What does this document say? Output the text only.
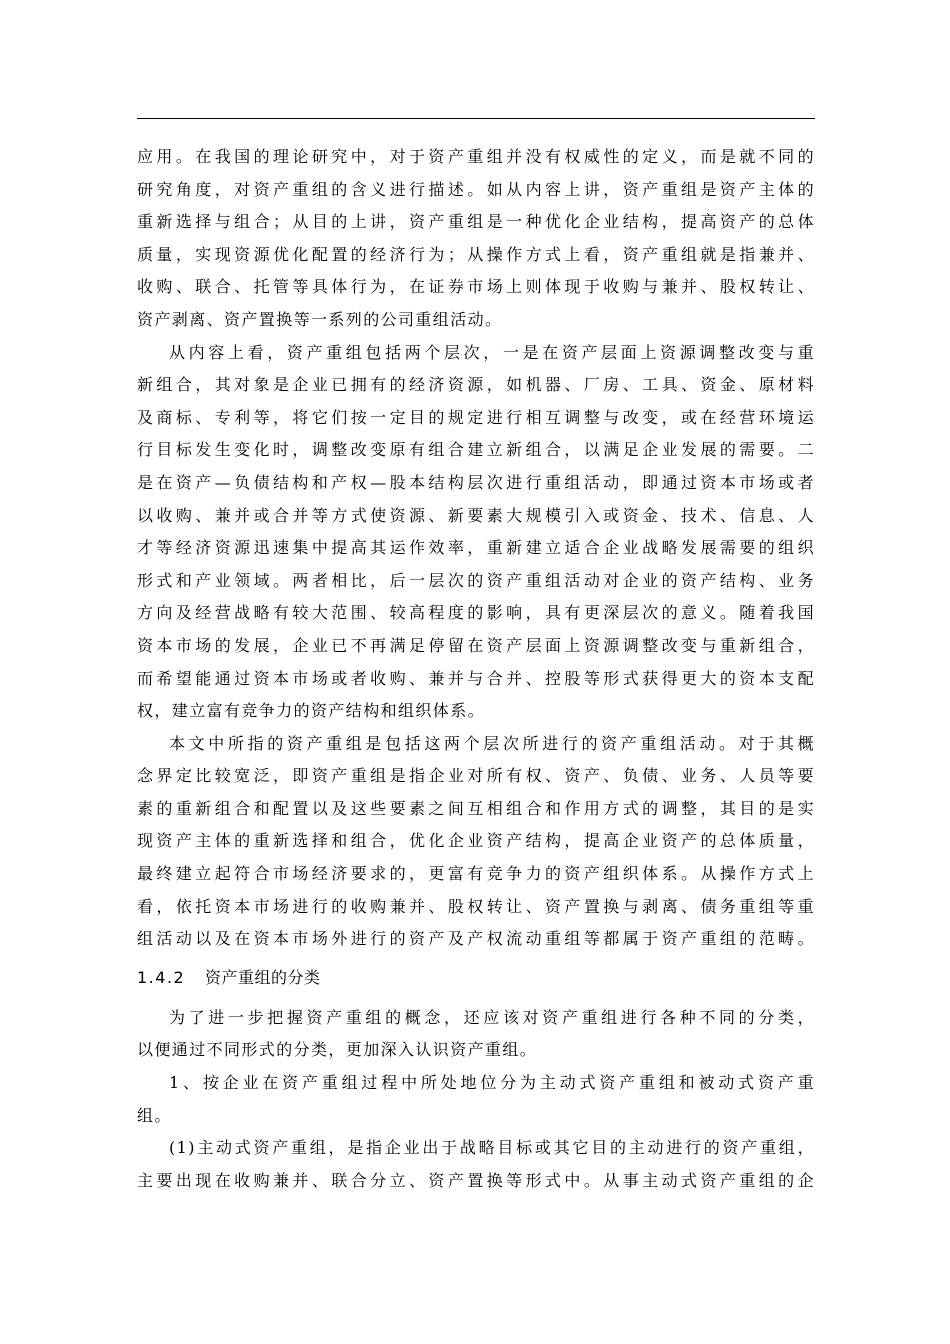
应用。在我国的理论研究中，对于资产重组并没有权威性的定义，而是就不同的
研究角度，对资产重组的含义进行描述。如从内容上讲，资产重组是资产主体的
重新选择与组合；从目的上讲，资产重组是一种优化企业结构，提高资产的总体
质量，实现资源优化配置的经济行为；从操作方式上看，资产重组就是指兼并、
收购、联合、托管等具体行为，在证券市场上则体现于收购与兼并、股权转让、
资产剥离、资产置换等一系列的公司重组活动。

从内容上看，资产重组包括两个层次，一是在资产层面上资源调整改变与重
新组合，其对象是企业已拥有的经济资源，如机器、厂房、工具、资金、原材料
及商标、专利等，将它们按一定目的规定进行相互调整与改变，或在经营环境运
行目标发生变化时，调整改变原有组合建立新组合，以满足企业发展的需要。二
是在资产—负债结构和产权—股本结构层次进行重组活动，即通过资本市场或者
以收购、兼并或合并等方式使资源、新要素大规模引入或资金、技术、信息、人
才等经济资源迅速集中提高其运作效率，重新建立适合企业战略发展需要的组织
形式和产业领域。两者相比，后一层次的资产重组活动对企业的资产结构、业务
方向及经营战略有较大范围、较高程度的影响，具有更深层次的意义。随着我国
资本市场的发展，企业已不再满足停留在资产层面上资源调整改变与重新组合，
而希望能通过资本市场或者收购、兼并与合并、控股等形式获得更大的资本支配
权，建立富有竞争力的资产结构和组织体系。

本文中所指的资产重组是包括这两个层次所进行的资产重组活动。对于其概
念界定比较宽泛，即资产重组是指企业对所有权、资产、负债、业务、人员等要
素的重新组合和配置以及这些要素之间互相组合和作用方式的调整，其目的是实
现资产主体的重新选择和组合，优化企业资产结构，提高企业资产的总体质量，
最终建立起符合市场经济要求的，更富有竞争力的资产组织体系。从操作方式上
看，依托资本市场进行的收购兼并、股权转让、资产置换与剥离、债务重组等重
组活动以及在资本市场外进行的资产及产权流动重组等都属于资产重组的范畴。

1.4.2 资产重组的分类

为了进一步把握资产重组的概念，还应该对资产重组进行各种不同的分类，
以便通过不同形式的分类，更加深入认识资产重组。

1、按企业在资产重组过程中所处地位分为主动式资产重组和被动式资产重
组。

(1)主动式资产重组，是指企业出于战略目标或其它目的主动进行的资产重组，
主要出现在收购兼并、联合分立、资产置换等形式中。从事主动式资产重组的企
